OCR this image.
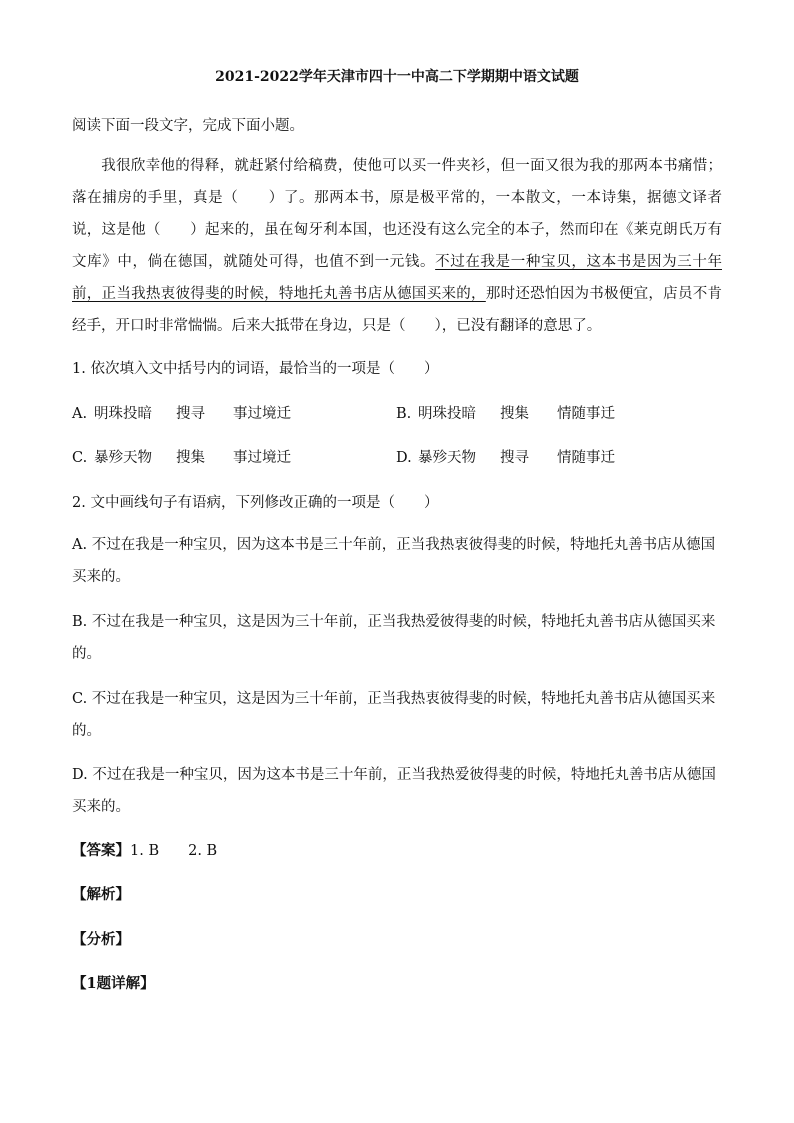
2021-2022学年天津市四十一中高二下学期期中语文试题
阅读下面一段文字，完成下面小题。
我很欣幸他的得释，就赶紧付给稿费，使他可以买一件夹衫，但一面又很为我的那两本书痛惜；落在捕房的手里，真是（　　）了。那两本书，原是极平常的，一本散文，一本诗集，据德文译者说，这是他（　　）起来的，虽在匈牙利本国，也还没有这么完全的本子，然而印在《莱克朗氏万有文库》中，倘在德国，就随处可得，也值不到一元钱。不过在我是一种宝贝，这本书是因为三十年前，正当我热衷彼得斐的时候，特地托丸善书店从德国买来的，那时还恐怕因为书极便宜，店员不肯经手，开口时非常惴惴。后来大抵带在身边，只是（　　），已没有翻译的意思了。
1. 依次填入文中括号内的词语，最恰当的一项是（　　）
A. 明珠投暗 搜寻 事过境迁	B. 明珠投暗 搜集 情随事迁
C. 暴殄天物 搜集 事过境迁	D. 暴殄天物 搜寻 情随事迁
2. 文中画线句子有语病，下列修改正确的一项是（　　）
A. 不过在我是一种宝贝，因为这本书是三十年前，正当我热衷彼得斐的时候，特地托丸善书店从德国买来的。
B. 不过在我是一种宝贝，这是因为三十年前，正当我热爱彼得斐的时候，特地托丸善书店从德国买来的。
C. 不过在我是一种宝贝，这是因为三十年前，正当我热衷彼得斐的时候，特地托丸善书店从德国买来的。
D. 不过在我是一种宝贝，因为这本书是三十年前，正当我热爱彼得斐的时候，特地托丸善书店从德国买来的。
【答案】1. B　　2. B
【解析】
【分析】
【1题详解】
